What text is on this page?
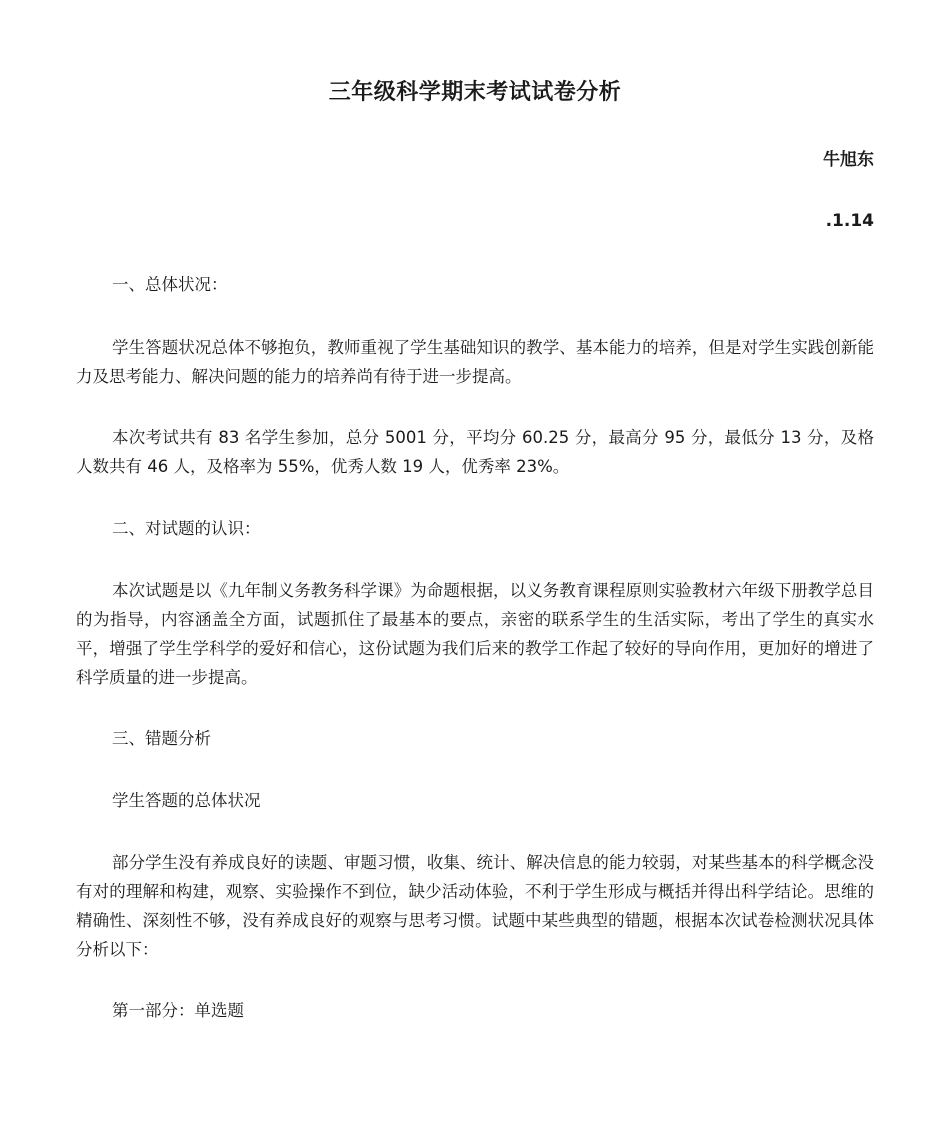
三年级科学期末考试试卷分析
牛旭东
.1.14
一、总体状况：
学生答题状况总体不够抱负，教师重视了学生基础知识的教学、基本能力的培养，但是对学生实践创新能力及思考能力、解决问题的能力的培养尚有待于进一步提高。
本次考试共有 83 名学生参加，总分 5001 分，平均分 60.25 分，最高分 95 分，最低分 13 分，及格人数共有 46 人，及格率为 55%，优秀人数 19 人，优秀率 23%。
二、对试题的认识：
本次试题是以《九年制义务教务科学课》为命题根据，以义务教育课程原则实验教材六年级下册教学总目的为指导，内容涵盖全方面，试题抓住了最基本的要点，亲密的联系学生的生活实际，考出了学生的真实水平，增强了学生学科学的爱好和信心，这份试题为我们后来的教学工作起了较好的导向作用，更加好的增进了科学质量的进一步提高。
三、错题分析
学生答题的总体状况
部分学生没有养成良好的读题、审题习惯，收集、统计、解决信息的能力较弱，对某些基本的科学概念没有对的理解和构建，观察、实验操作不到位，缺少活动体验，不利于学生形成与概括并得出科学结论。思维的精确性、深刻性不够，没有养成良好的观察与思考习惯。试题中某些典型的错题，根据本次试卷检测状况具体分析以下：
第一部分：单选题
